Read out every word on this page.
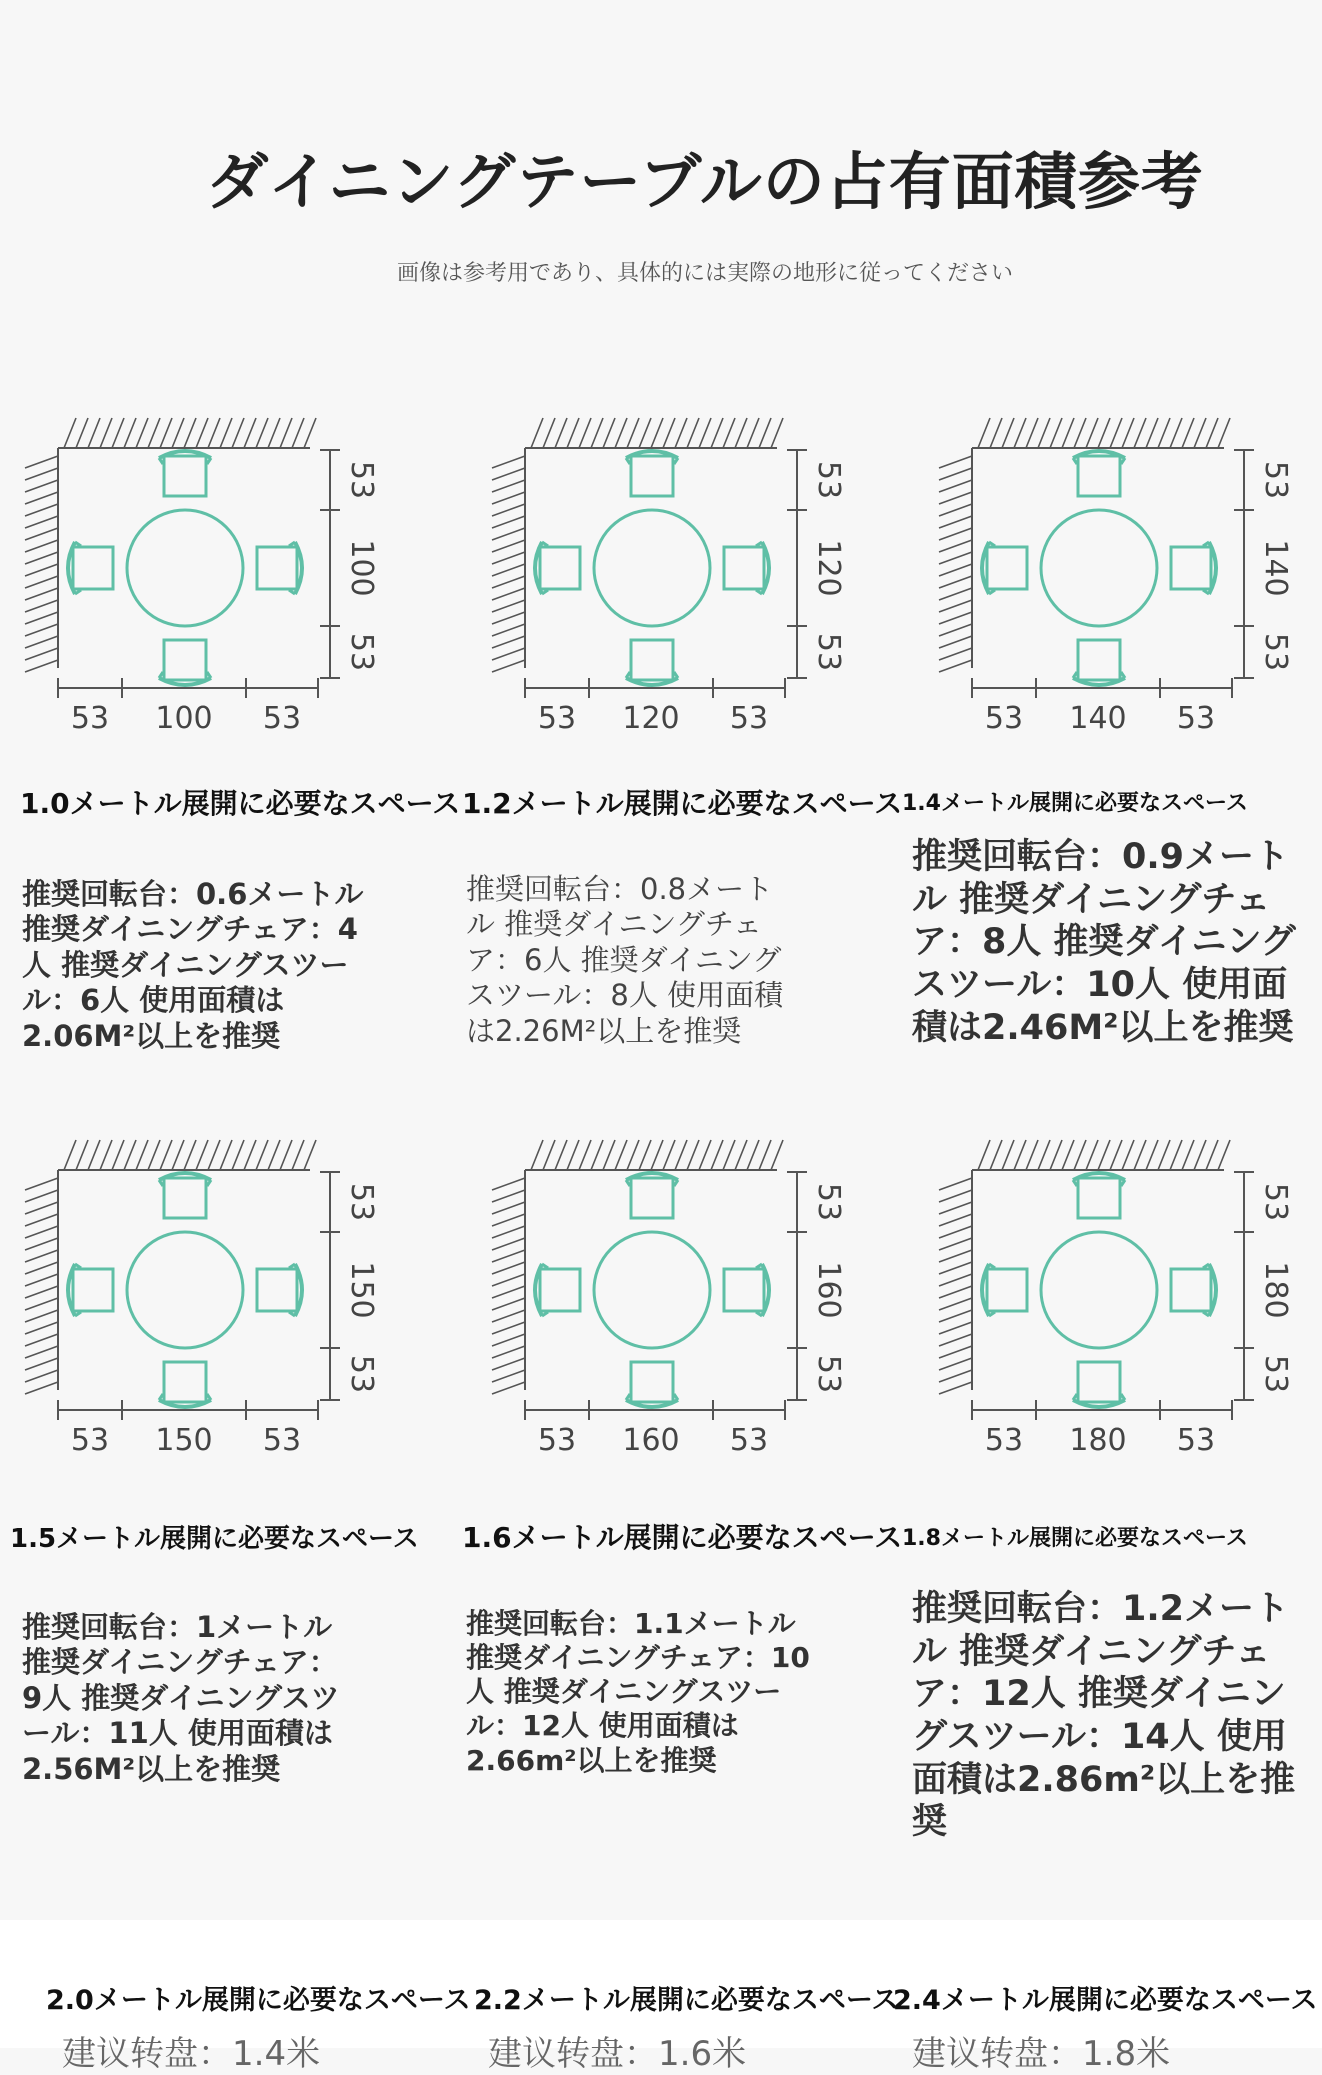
ダイニングテーブルの占有面積参考
画像は参考用であり、具体的には実際の地形に従ってください
53 100 53
53
100
53
53 120 53
53
120
53
53 140 53
53
140
53
1.0メートル展開に必要なスペース 1.2メートル展開に必要なスペース 1.4メートル展開に必要なスペース
推奨回転台：0.6メートル 推奨ダイニングチェア：4人 推奨ダイニングスツール：6人 使用面積は2.06M²以上を推奨
推奨回転台：0.8メートル 推奨ダイニングチェア：6人 推奨ダイニングスツール：8人 使用面積は2.26M²以上を推奨
推奨回転台：0.9メートル 推奨ダイニングチェア：8人 推奨ダイニングスツール：10人 使用面積は2.46M²以上を推奨
53 150 53
53
150
53
53 160 53
53
160
53
53 180 53
53
180
53
1.5メートル展開に必要なスペース 1.6メートル展開に必要なスペース 1.8メートル展開に必要なスペース
推奨回転台：1メートル 推奨ダイニングチェア：9人 推奨ダイニングスツール：11人 使用面積は2.56M²以上を推奨
推奨回転台：1.1メートル 推奨ダイニングチェア：10人 推奨ダイニングスツール：12人 使用面積は2.66m²以上を推奨
推奨回転台：1.2メートル 推奨ダイニングチェア：12人 推奨ダイニングスツール：14人 使用面積は2.86m²以上を推奨
2.0メートル展開に必要なスペース 2.2メートル展開に必要なスペース
2.4メートル展開に必要なスペース
建议转盘：1.4米	建议转盘：1.6米	建议转盘：1.8米
